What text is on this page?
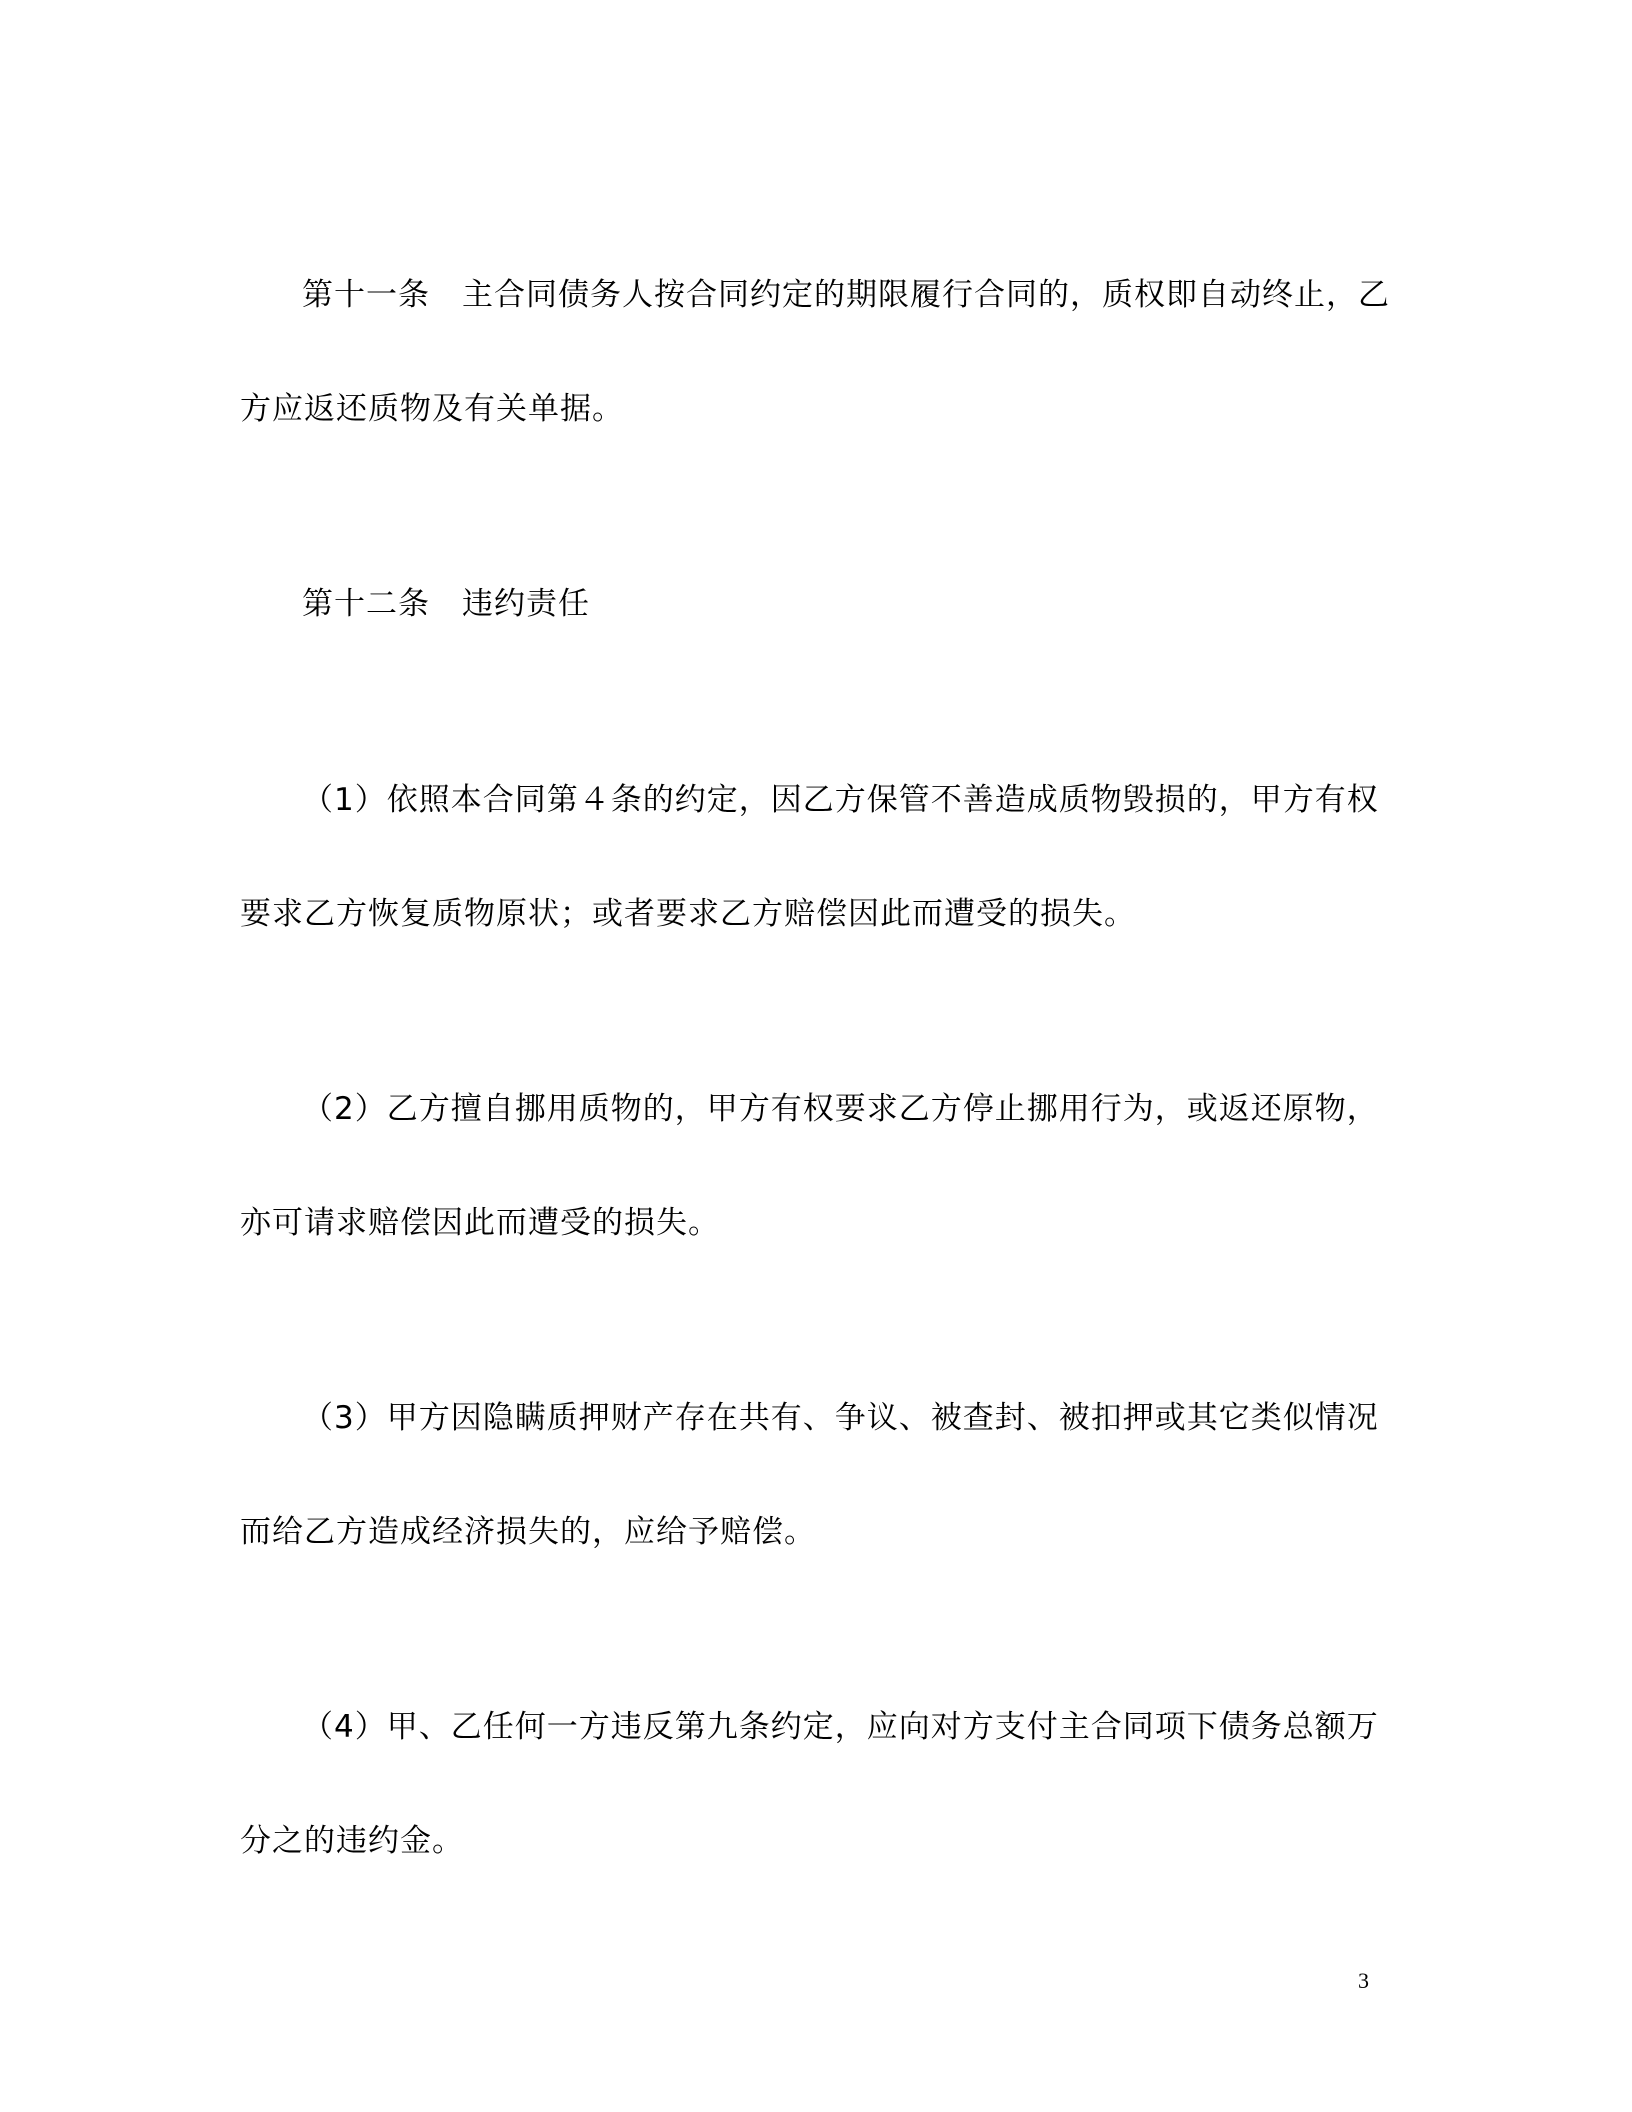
第十一条　主合同债务人按合同约定的期限履行合同的，质权即自动终止，乙
方应返还质物及有关单据。
第十二条　违约责任
（1）依照本合同第４条的约定，因乙方保管不善造成质物毁损的，甲方有权
要求乙方恢复质物原状；或者要求乙方赔偿因此而遭受的损失。
（2）乙方擅自挪用质物的，甲方有权要求乙方停止挪用行为，或返还原物，
亦可请求赔偿因此而遭受的损失。
（3）甲方因隐瞒质押财产存在共有、争议、被查封、被扣押或其它类似情况
而给乙方造成经济损失的，应给予赔偿。
（4）甲、乙任何一方违反第九条约定，应向对方支付主合同项下债务总额万
分之的违约金。
3
